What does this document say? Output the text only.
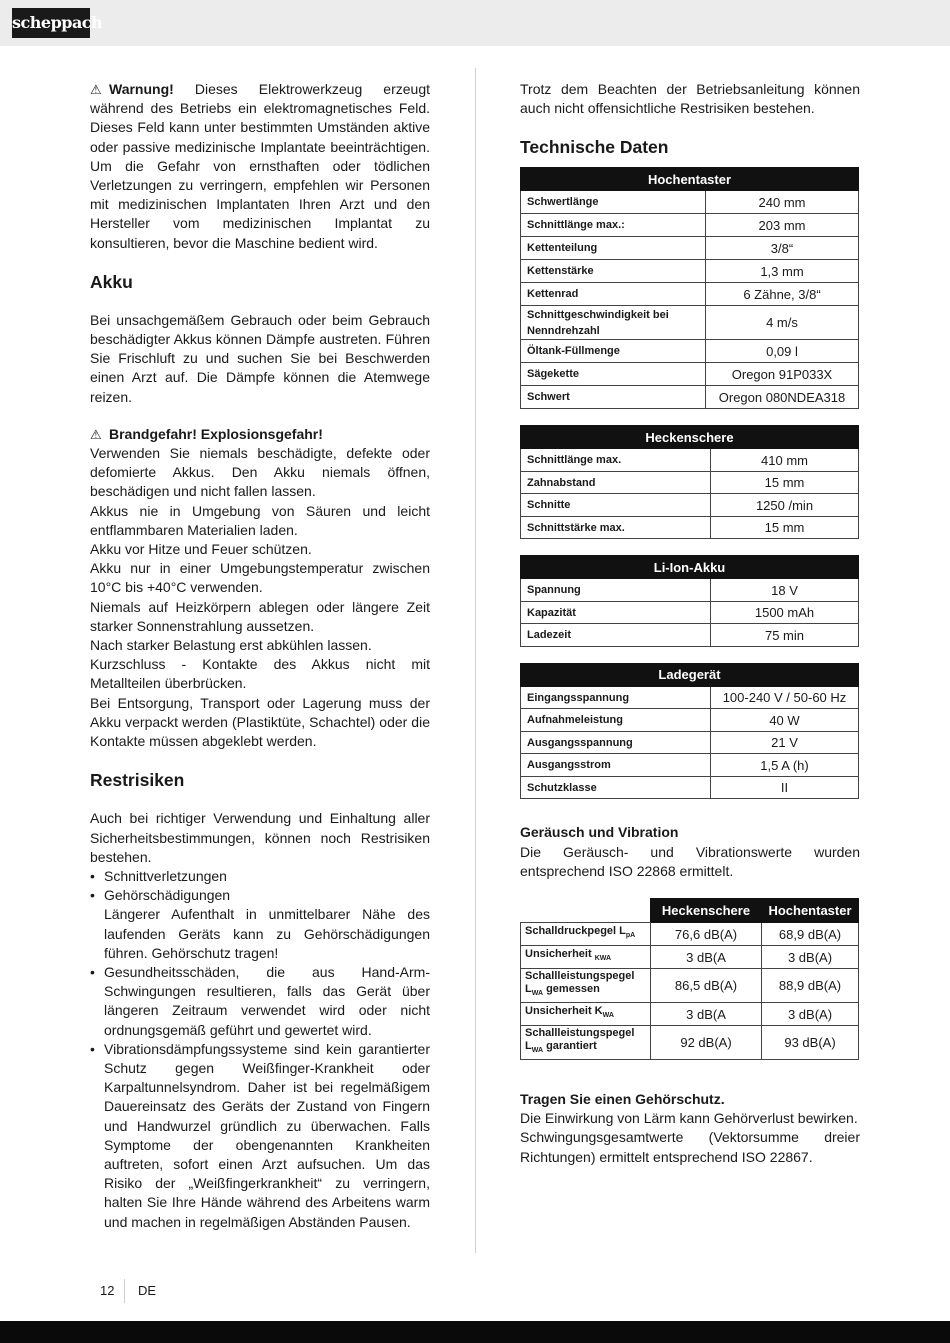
scheppach

⚠ Warnung! Dieses Elektrowerkzeug erzeugt während des Betriebs ein elektromagnetisches Feld. Dieses Feld kann unter bestimmten Umständen aktive oder passive medizinische Implantate beeinträchtigen. Um die Gefahr von ernsthaften oder tödlichen Verletzungen zu verringern, empfehlen wir Personen mit medizinischen Implantaten Ihren Arzt und den Hersteller vom medizinischen Implantat zu konsultieren, bevor die Maschine bedient wird.

Akku

Bei unsachgemäßem Gebrauch oder beim Gebrauch beschädigter Akkus können Dämpfe austreten. Führen Sie Frischluft zu und suchen Sie bei Beschwerden einen Arzt auf. Die Dämpfe können die Atemwege reizen.

⚠ Brandgefahr! Explosionsgefahr!

Verwenden Sie niemals beschädigte, defekte oder defomierte Akkus. Den Akku niemals öffnen, beschädigen und nicht fallen lassen.

Akkus nie in Umgebung von Säuren und leicht entflammbaren Materialien laden.

Akku vor Hitze und Feuer schützen.

Akku nur in einer Umgebungstemperatur zwischen 10°C bis +40°C verwenden.

Niemals auf Heizkörpern ablegen oder längere Zeit starker Sonnenstrahlung aussetzen.

Nach starker Belastung erst abkühlen lassen.

Kurzschluss - Kontakte des Akkus nicht mit Metallteilen überbrücken.

Bei Entsorgung, Transport oder Lagerung muss der Akku verpackt werden (Plastiktüte, Schachtel) oder die Kontakte müssen abgeklebt werden.

Restrisiken

Auch bei richtiger Verwendung und Einhaltung aller Sicherheitsbestimmungen, können noch Restrisiken bestehen.

• Schnittverletzungen
• Gehörschädigungen
Längerer Aufenthalt in unmittelbarer Nähe des laufenden Geräts kann zu Gehörschädigungen führen. Gehörschutz tragen!
• Gesundheitsschäden, die aus Hand-Arm-Schwingungen resultieren, falls das Gerät über längeren Zeitraum verwendet wird oder nicht ordnungsgemäß geführt und gewertet wird.
• Vibrationsdämpfungssysteme sind kein garantierter Schutz gegen Weißfinger-Krankheit oder Karpaltunnelsyndrom. Daher ist bei regelmäßigem Dauereinsatz des Geräts der Zustand von Fingern und Handwurzel gründlich zu überwachen. Falls Symptome der obengenannten Krankheiten auftreten, sofort einen Arzt aufsuchen. Um das Risiko der „Weißfingerkrankheit“ zu verringern, halten Sie Ihre Hände während des Arbeitens warm und machen in regelmäßigen Abständen Pausen.

Trotz dem Beachten der Betriebsanleitung können auch nicht offensichtliche Restrisiken bestehen.

Technische Daten
Hochentaster	
Schwertlänge	240 mm
Schnittlänge max.:	203 mm
Kettenteilung	3/8“
Kettenstärke	1,3 mm
Kettenrad	6 Zähne, 3/8“
Schnittgeschwindigkeit bei Nenndrehzahl	4 m/s
Öltank-Füllmenge	0,09 l
Sägekette	Oregon 91P033X
Schwert	Oregon 080NDEA318
Heckenschere	
Schnittlänge max.	410 mm
Zahnabstand	15 mm
Schnitte	1250 /min
Schnittstärke max.	15 mm
Li-Ion-Akku	
Spannung	18 V
Kapazität	1500 mAh
Ladezeit	75 min
Ladegerät	
Eingangsspannung	100-240 V / 50-60 Hz
Aufnahmeleistung	40 W
Ausgangsspannung	21 V
Ausgangsstrom	1,5 A (h)
Schutzklasse	II

Geräusch und Vibration

Die Geräusch- und Vibrationswerte wurden entsprechend ISO 22868 ermittelt.

	Heckenschere	Hochentaster
Schalldruckpegel $L_{pA}$	76,6 dB(A)	68,9 dB(A)
Unsicherheit $_{KWA}$	3 dB(A	3 dB(A)
Schallleistungspegel $L_{WA}$ gemessen	86,5 dB(A)	88,9 dB(A)
Unsicherheit $K_{WA}$	3 dB(A	3 dB(A)
Schallleistungspegel $L_{WA}$ garantiert	92 dB(A)	93 dB(A)

Tragen Sie einen Gehörschutz.

Die Einwirkung von Lärm kann Gehörverlust bewirken.

Schwingungsgesamtwerte (Vektorsumme dreier Richtungen) ermittelt entsprechend ISO 22867.

12 DE
